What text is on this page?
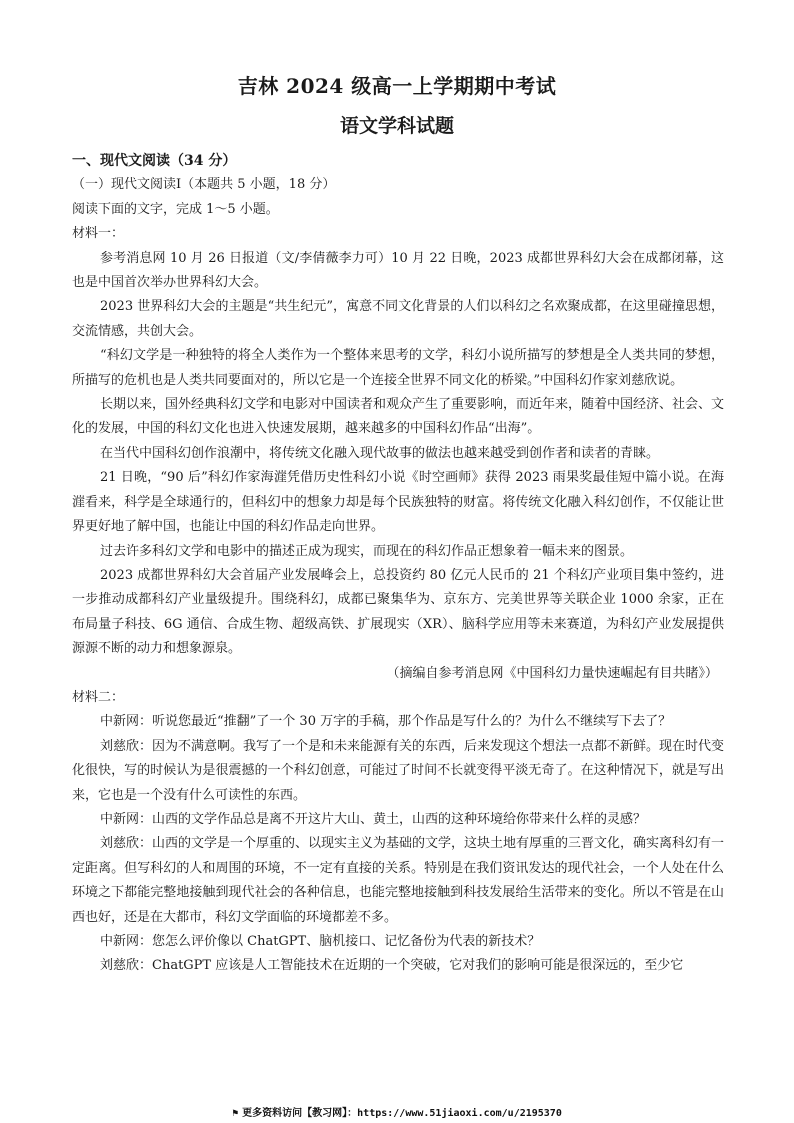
吉林 2024 级高一上学期期中考试
语文学科试题

一、现代文阅读（34 分）

（一）现代文阅读Ⅰ（本题共 5 小题，18 分）

阅读下面的文字，完成 1～5 小题。

材料一：

参考消息网 10 月 26 日报道（文/李倩薇李力可）10 月 22 日晚，2023 成都世界科幻大会在成都闭幕，这也是中国首次举办世界科幻大会。

2023 世界科幻大会的主题是“共生纪元”，寓意不同文化背景的人们以科幻之名欢聚成都，在这里碰撞思想，交流情感，共创大会。

“科幻文学是一种独特的将全人类作为一个整体来思考的文学，科幻小说所描写的梦想是全人类共同的梦想，所描写的危机也是人类共同要面对的，所以它是一个连接全世界不同文化的桥梁。”中国科幻作家刘慈欣说。

长期以来，国外经典科幻文学和电影对中国读者和观众产生了重要影响，而近年来，随着中国经济、社会、文化的发展，中国的科幻文化也进入快速发展期，越来越多的中国科幻作品“出海”。

在当代中国科幻创作浪潮中，将传统文化融入现代故事的做法也越来越受到创作者和读者的青睐。

21 日晚，“90 后”科幻作家海漄凭借历史性科幻小说《时空画师》获得 2023 雨果奖最佳短中篇小说。在海漄看来，科学是全球通行的，但科幻中的想象力却是每个民族独特的财富。将传统文化融入科幻创作，不仅能让世界更好地了解中国，也能让中国的科幻作品走向世界。

过去许多科幻文学和电影中的描述正成为现实，而现在的科幻作品正想象着一幅未来的图景。

2023 成都世界科幻大会首届产业发展峰会上，总投资约 80 亿元人民币的 21 个科幻产业项目集中签约，进一步推动成都科幻产业量级提升。围绕科幻，成都已聚集华为、京东方、完美世界等关联企业 1000 余家，正在布局量子科技、6G 通信、合成生物、超级高铁、扩展现实（XR）、脑科学应用等未来赛道，为科幻产业发展提供源源不断的动力和想象源泉。

（摘编自参考消息网《中国科幻力量快速崛起有目共睹》）

材料二：

中新网：听说您最近“推翻”了一个 30 万字的手稿，那个作品是写什么的？为什么不继续写下去了？

刘慈欣：因为不满意啊。我写了一个是和未来能源有关的东西，后来发现这个想法一点都不新鲜。现在时代变化很快，写的时候认为是很震撼的一个科幻创意，可能过了时间不长就变得平淡无奇了。在这种情况下，就是写出来，它也是一个没有什么可读性的东西。

中新网：山西的文学作品总是离不开这片大山、黄土，山西的这种环境给你带来什么样的灵感？

刘慈欣：山西的文学是一个厚重的、以现实主义为基础的文学，这块土地有厚重的三晋文化，确实离科幻有一定距离。但写科幻的人和周围的环境，不一定有直接的关系。特别是在我们资讯发达的现代社会，一个人处在什么环境之下都能完整地接触到现代社会的各种信息，也能完整地接触到科技发展给生活带来的变化。所以不管是在山西也好，还是在大都市，科幻文学面临的环境都差不多。

中新网：您怎么评价像以 ChatGPT、脑机接口、记忆备份为代表的新技术？

刘慈欣：ChatGPT 应该是人工智能技术在近期的一个突破，它对我们的影响可能是很深远的，至少它

⚑ 更多资料访问【教习网】：https://www.51jiaoxi.com/u/2195370
